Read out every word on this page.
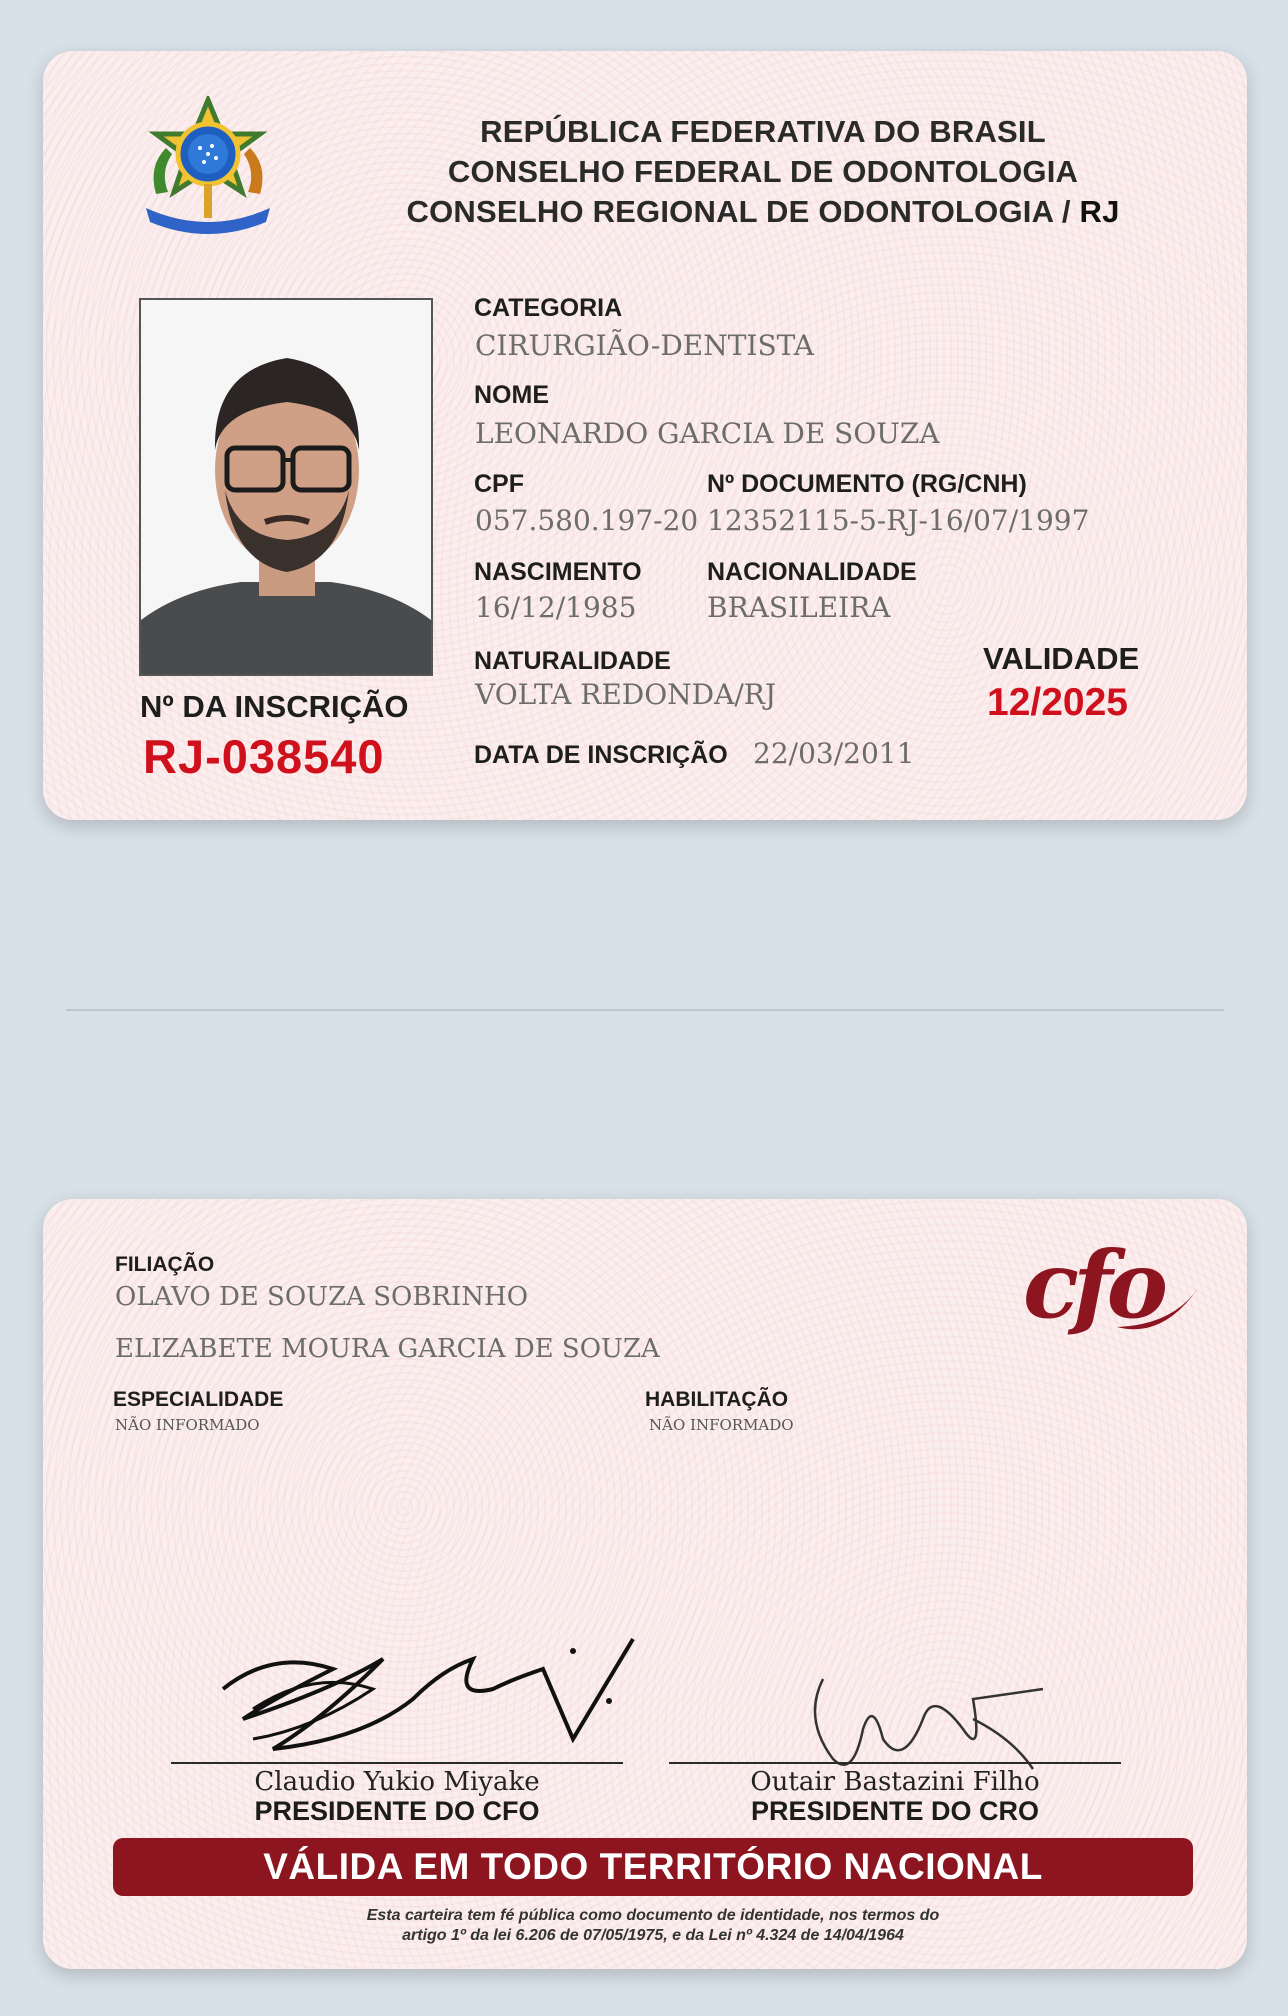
REPÚBLICA FEDERATIVA DO BRASIL
CONSELHO FEDERAL DE ODONTOLOGIA
CONSELHO REGIONAL DE ODONTOLOGIA / RJ
Nº DA INSCRIÇÃO
RJ-038540
CATEGORIA
CIRURGIÃO-DENTISTA
NOME
LEONARDO GARCIA DE SOUZA
CPF
057.580.197-20
Nº DOCUMENTO (RG/CNH)
12352115-5-RJ-16/07/1997
NASCIMENTO
16/12/1985
NACIONALIDADE
BRASILEIRA
NATURALIDADE
VOLTA REDONDA/RJ
DATA DE INSCRIÇÃO 22/03/2011
VALIDADE
12/2025
FILIAÇÃO
OLAVO DE SOUZA SOBRINHO
ELIZABETE MOURA GARCIA DE SOUZA
ESPECIALIDADE
NÃO INFORMADO
HABILITAÇÃO
NÃO INFORMADO
cfo
Claudio Yukio Miyake
PRESIDENTE DO CFO
Outair Bastazini Filho
PRESIDENTE DO CRO
VÁLIDA EM TODO TERRITÓRIO NACIONAL
Esta carteira tem fé pública como documento de identidade, nos termos do
artigo 1º da lei 6.206 de 07/05/1975, e da Lei nº 4.324 de 14/04/1964
